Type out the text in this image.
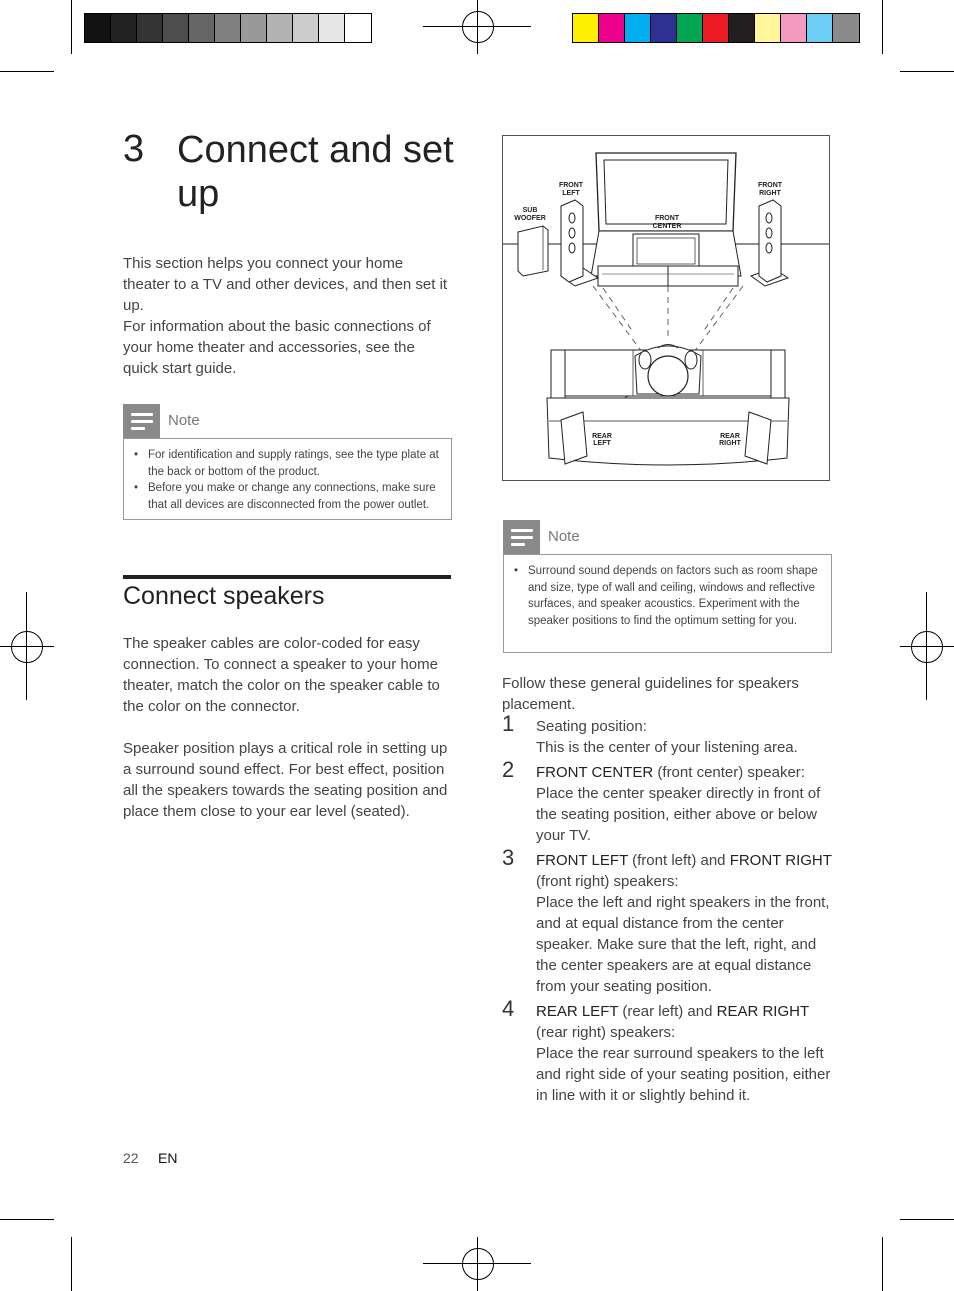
3 Connect and set up

This section helps you connect your home theater to a TV and other devices, and then set it up.

For information about the basic connections of your home theater and accessories, see the quick start guide.

Note
• For identification and supply ratings, see the type plate at the back or bottom of the product.
• Before you make or change any connections, make sure that all devices are disconnected from the power outlet.
Connect speakers

The speaker cables are color-coded for easy connection. To connect a speaker to your home theater, match the color on the speaker cable to the color on the connector.

Speaker position plays a critical role in setting up a surround sound effect. For best effect, position all the speakers towards the seating position and place them close to your ear level (seated).

FRONT
LEFT
FRONT
RIGHT
FRONT
CENTER
SUB
WOOFER
REAR
LEFT
REAR
RIGHT
Note
• Surround sound depends on factors such as room shape and size, type of wall and ceiling, windows and reflective surfaces, and speaker acoustics. Experiment with the speaker positions to find the optimum setting for you.
Follow these general guidelines for speakers placement.
1 Seating position:
This is the center of your listening area.
2 FRONT CENTER (front center) speaker:
Place the center speaker directly in front of the seating position, either above or below your TV.
3 FRONT LEFT (front left) and FRONT RIGHT (front right) speakers:
Place the left and right speakers in the front, and at equal distance from the center speaker. Make sure that the left, right, and the center speakers are at equal distance from your seating position.
4 REAR LEFT (rear left) and REAR RIGHT (rear right) speakers:
Place the rear surround speakers to the left and right side of your seating position, either in line with it or slightly behind it.
22 EN
